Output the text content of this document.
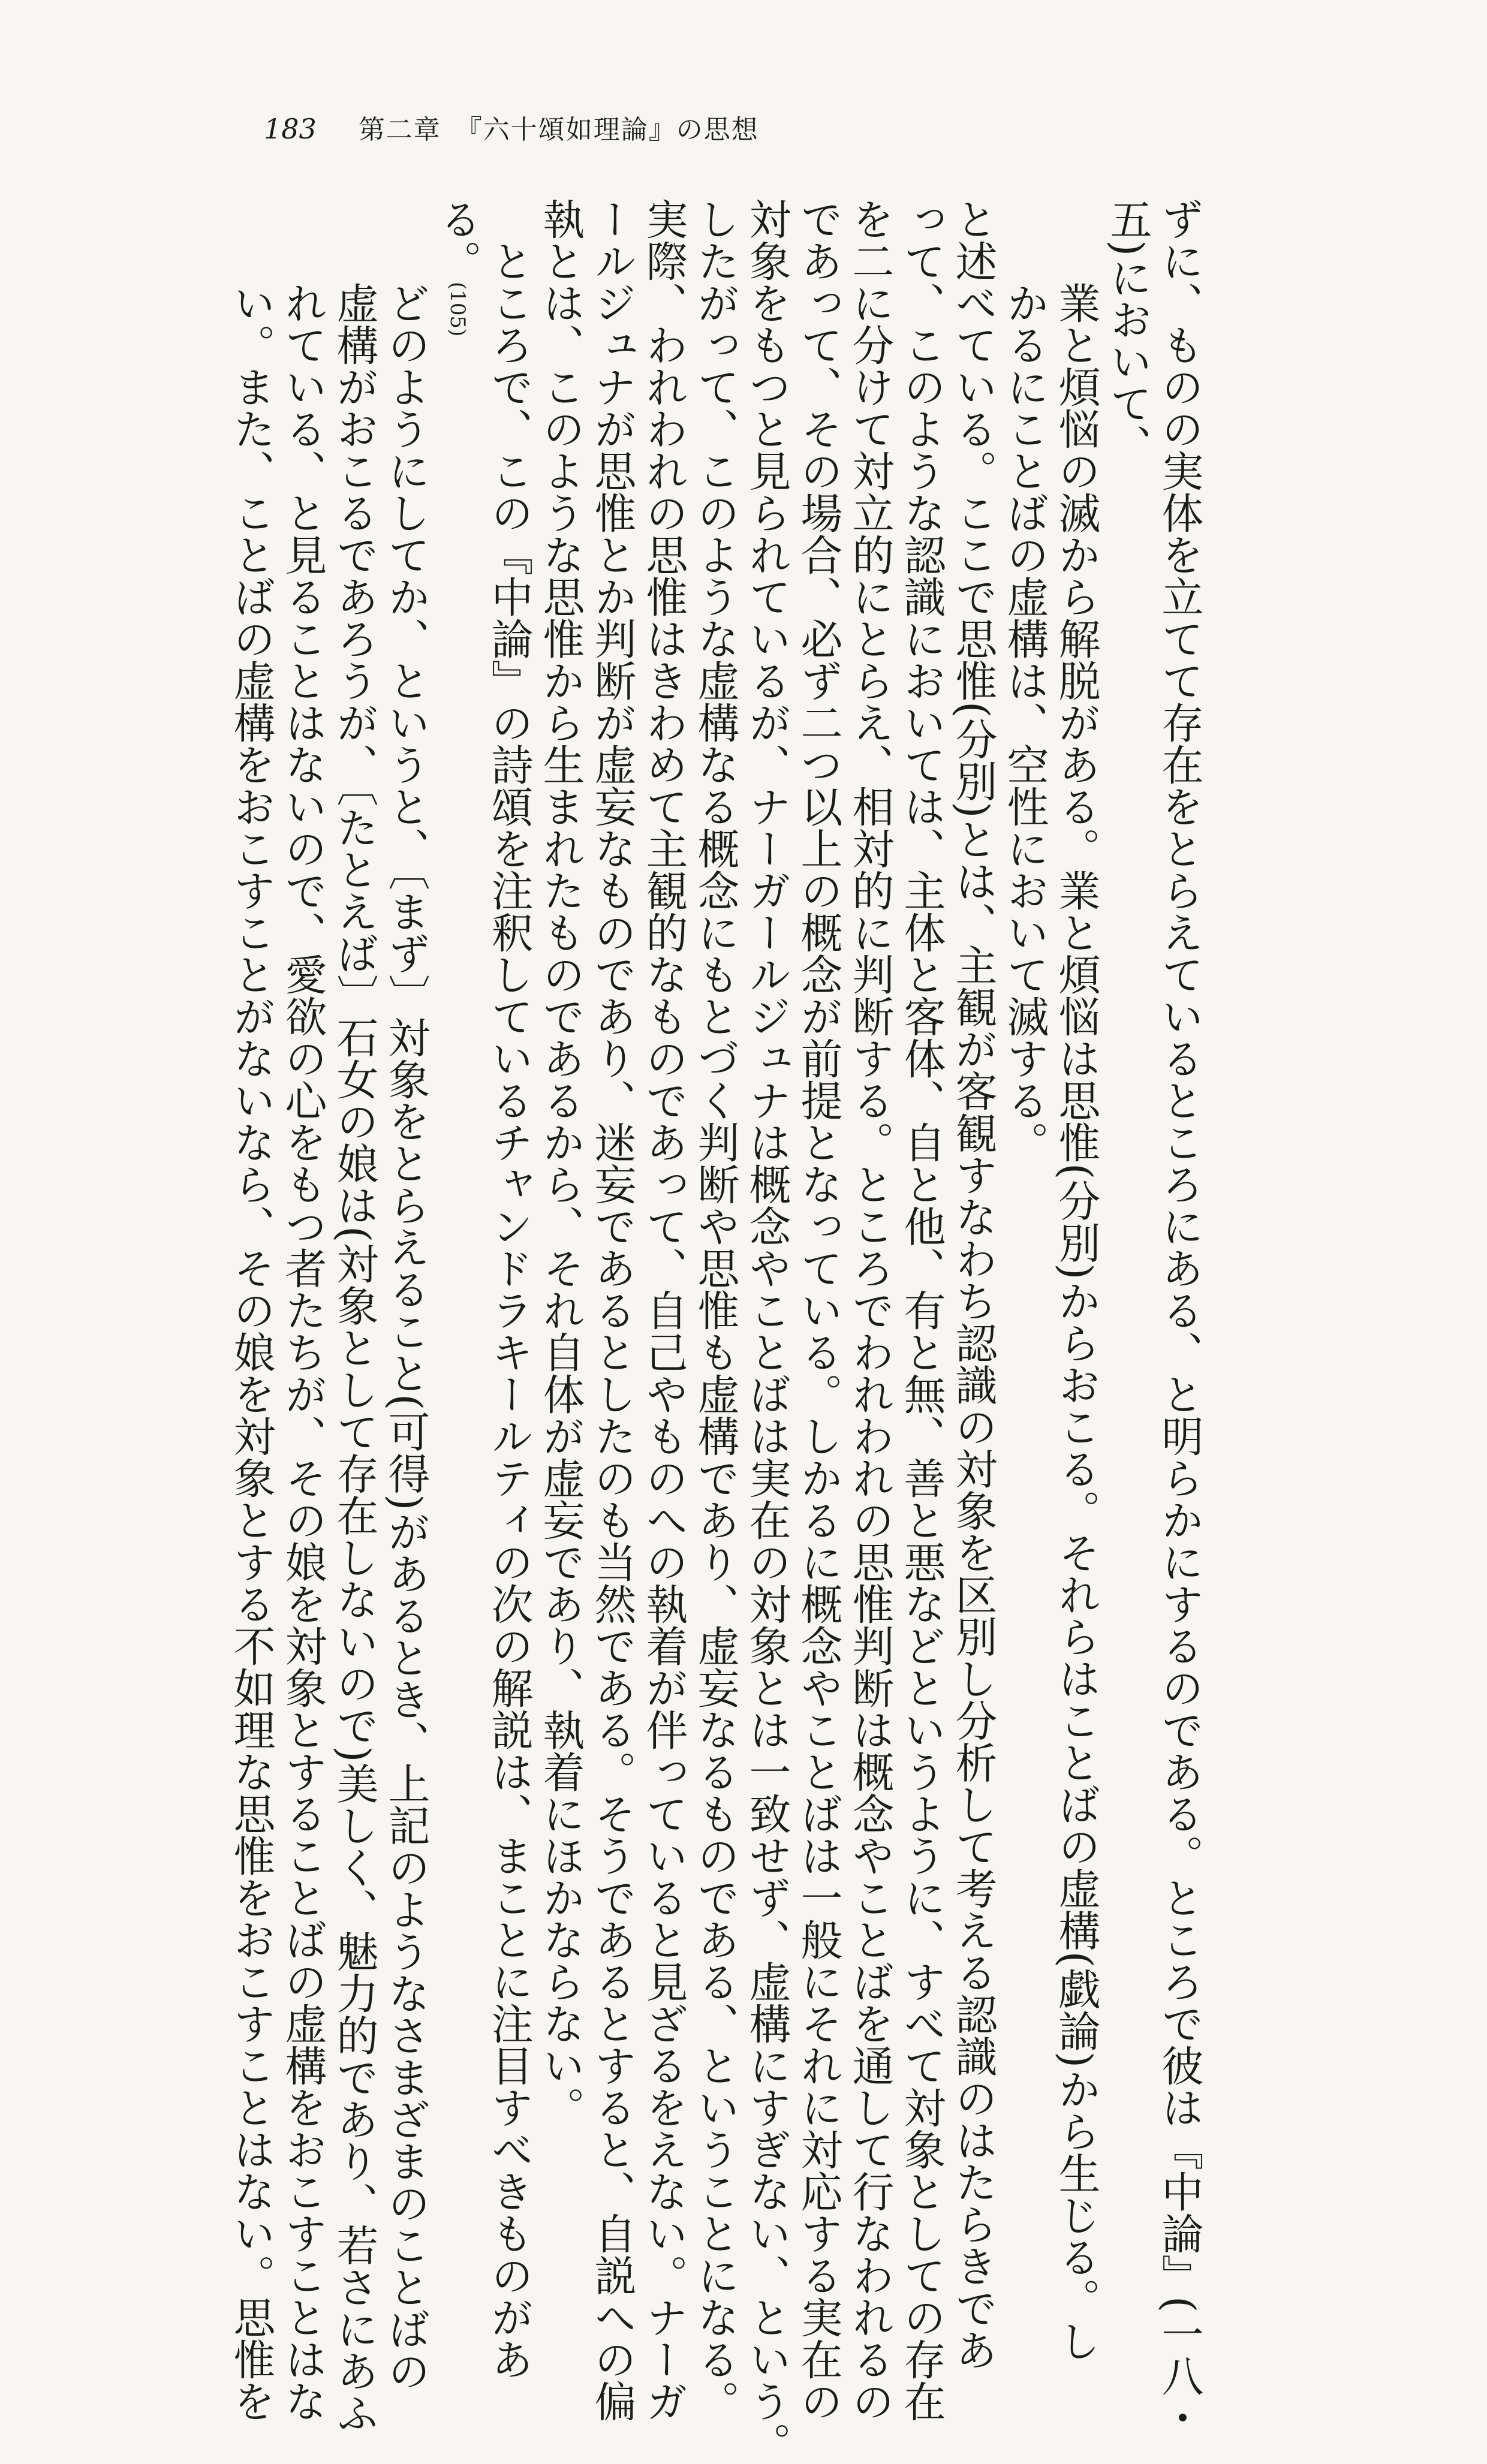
183 第二章　『六十頌如理論』の思想
ずに、ものの実体を立てて存在をとらえているところにある、と明らかにするのである。ところで彼は『中論』(一八・
五)において、
業と煩悩の滅から解脱がある。業と煩悩は思惟(分別)からおこる。それらはことばの虚構(戯論)から生じる。し
かるにことばの虚構は、空性において滅する。
と述べている。ここで思惟(分別)とは、主観が客観すなわち認識の対象を区別し分析して考える認識のはたらきであ
って、このような認識においては、主体と客体、自と他、有と無、善と悪などというように、すべて対象としての存在
を二に分けて対立的にとらえ、相対的に判断する。ところでわれわれの思惟判断は概念やことばを通して行なわれるの
であって、その場合、必ず二つ以上の概念が前提となっている。しかるに概念やことばは一般にそれに対応する実在の
対象をもつと見られているが、ナーガールジュナは概念やことばは実在の対象とは一致せず、虚構にすぎない、という。
したがって、このような虚構なる概念にもとづく判断や思惟も虚構であり、虚妄なるものである、ということになる。
実際、われわれの思惟はきわめて主観的なものであって、自己やものへの執着が伴っていると見ざるをえない。ナーガ
ールジュナが思惟とか判断が虚妄なものであり、迷妄であるとしたのも当然である。そうであるとすると、自説への偏
執とは、このような思惟から生まれたものであるから、それ自体が虚妄であり、執着にほかならない。
ところで、この『中論』の詩頌を注釈しているチャンドラキールティの次の解説は、まことに注目すべきものがあ
る。(105)
どのようにしてか、というと、〔まず〕対象をとらえること(可得)があるとき、上記のようなさまざまのことばの
虚構がおこるであろうが、〔たとえば〕石女の娘は(対象として存在しないので)美しく、魅力的であり、若さにあふ
れている、と見ることはないので、愛欲の心をもつ者たちが、その娘を対象とすることばの虚構をおこすことはな
い。また、ことばの虚構をおこすことがないなら、その娘を対象とする不如理な思惟をおこすことはない。思惟を
